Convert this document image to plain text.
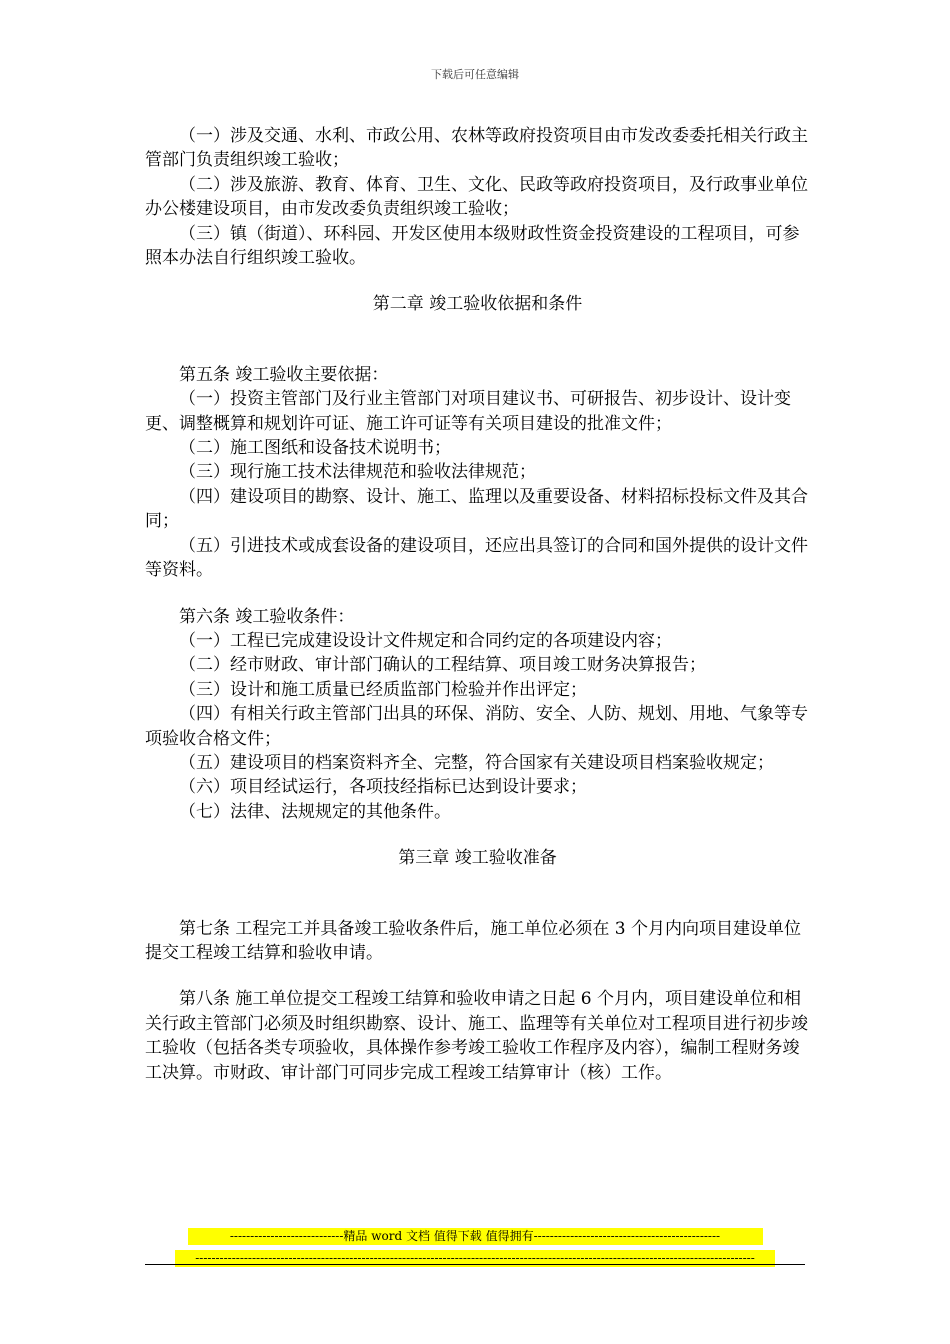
下载后可任意编辑

（一）涉及交通、水利、市政公用、农林等政府投资项目由市发改委委托相关行政主管部门负责组织竣工验收；

（二）涉及旅游、教育、体育、卫生、文化、民政等政府投资项目，及行政事业单位办公楼建设项目，由市发改委负责组织竣工验收；

（三）镇（街道）、环科园、开发区使用本级财政性资金投资建设的工程项目，可参照本办法自行组织竣工验收。

第二章 竣工验收依据和条件

第五条 竣工验收主要依据：

（一）投资主管部门及行业主管部门对项目建议书、可研报告、初步设计、设计变更、调整概算和规划许可证、施工许可证等有关项目建设的批准文件；

（二）施工图纸和设备技术说明书；

（三）现行施工技术法律规范和验收法律规范；

（四）建设项目的勘察、设计、施工、监理以及重要设备、材料招标投标文件及其合同；

（五）引进技术或成套设备的建设项目，还应出具签订的合同和国外提供的设计文件等资料。

第六条 竣工验收条件：

（一）工程已完成建设设计文件规定和合同约定的各项建设内容；

（二）经市财政、审计部门确认的工程结算、项目竣工财务决算报告；

（三）设计和施工质量已经质监部门检验并作出评定；

（四）有相关行政主管部门出具的环保、消防、安全、人防、规划、用地、气象等专项验收合格文件；

（五）建设项目的档案资料齐全、完整，符合国家有关建设项目档案验收规定；

（六）项目经试运行，各项技经指标已达到设计要求；

（七）法律、法规规定的其他条件。

第三章 竣工验收准备

第七条 工程完工并具备竣工验收条件后，施工单位必须在 3 个月内向项目建设单位提交工程竣工结算和验收申请。

第八条 施工单位提交工程竣工结算和验收申请之日起 6 个月内，项目建设单位和相关行政主管部门必须及时组织勘察、设计、施工、监理等有关单位对工程项目进行初步竣工验收（包括各类专项验收，具体操作参考竣工验收工作程序及内容），编制工程财务竣工决算。市财政、审计部门可同步完成工程竣工结算审计（核）工作。

----------------------------精品 word 文档 值得下载 值得拥有----------------------------------------------
------------------------------------------------------------------------------------------------------------------------------------------
